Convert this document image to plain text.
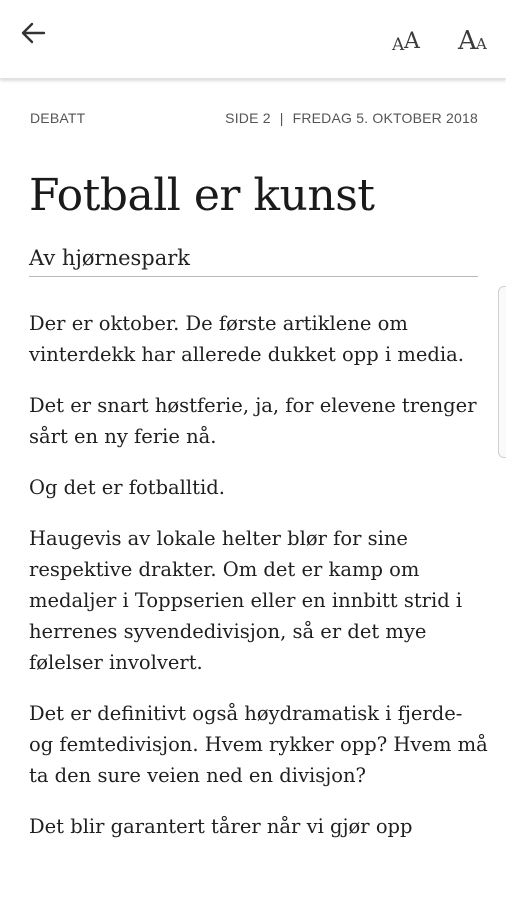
A A A A
DEBATT	SIDE 2 | FREDAG 5. OKTOBER 2018
Fotball er kunst
Av hjørnespark

Der er oktober. De første artiklene om vinterdekk har allerede dukket opp i media.

Det er snart høstferie, ja, for elevene trenger sårt en ny ferie nå.

Og det er fotballtid.

Haugevis av lokale helter blør for sine respektive drakter. Om det er kamp om medaljer i Toppserien eller en innbitt strid i herrenes syvendedivisjon, så er det mye følelser involvert.

Det er definitivt også høydramatisk i fjerde- og femtedivisjon. Hvem rykker opp? Hvem må ta den sure veien ned en divisjon?

Det blir garantert tårer når vi gjør opp
